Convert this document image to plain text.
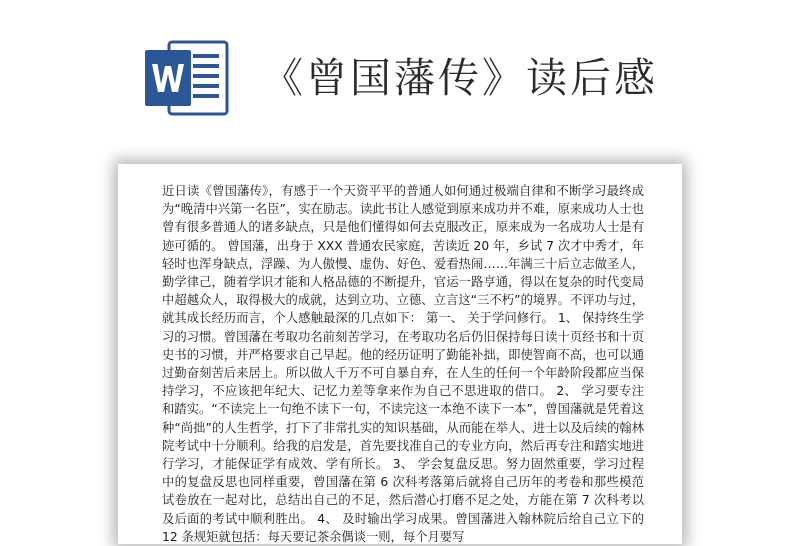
《曾国藩传》读后感
近日读《曾国藩传》，有感于一个天资平平的普通人如何通过极端自律和不断学习最终成为“晚清中兴第一名臣”，实在励志。读此书让人感觉到原来成功并不难，原来成功人士也曾有很多普通人的诸多缺点，只是他们懂得如何去克服改正，原来成为一名成功人士是有迹可循的。 曾国藩，出身于 XXX 普通农民家庭，苦读近 20 年，乡试 7 次才中秀才，年轻时也浑身缺点，浮躁、为人傲慢、虚伪、好色、爱看热闹……年满三十后立志做圣人，勤学律己，随着学识才能和人格品德的不断提升，官运一路亨通，得以在复杂的时代变局中超越众人，取得极大的成就，达到立功、立德、立言这“三不朽”的境界。不评功与过，就其成长经历而言，个人感触最深的几点如下： 第一、 关于学问修行。 1、 保持终生学习的习惯。曾国藩在考取功名前刻苦学习，在考取功名后仍旧保持每日读十页经书和十页史书的习惯，并严格要求自己早起。他的经历证明了勤能补拙，即使智商不高，也可以通过勤奋刻苦后来居上。所以做人千万不可自暴自弃，在人生的任何一个年龄阶段都应当保持学习，不应该把年纪大、记忆力差等拿来作为自己不思进取的借口。 2、 学习要专注和踏实。“不读完上一句绝不读下一句，不读完这一本绝不读下一本”，曾国藩就是凭着这种“尚拙”的人生哲学，打下了非常扎实的知识基础，从而能在举人、进士以及后续的翰林院考试中十分顺利。给我的启发是，首先要找准自己的专业方向，然后再专注和踏实地进行学习，才能保证学有成效、学有所长。 3、 学会复盘反思。努力固然重要，学习过程中的复盘反思也同样重要，曾国藩在第 6 次科考落第后就将自己历年的考卷和那些模范试卷放在一起对比，总结出自己的不足，然后潜心打磨不足之处，方能在第 7 次科考以及后面的考试中顺利胜出。 4、 及时输出学习成果。曾国藩进入翰林院后给自己立下的 12 条规矩就包括：每天要记茶余偶谈一则，每个月要写
